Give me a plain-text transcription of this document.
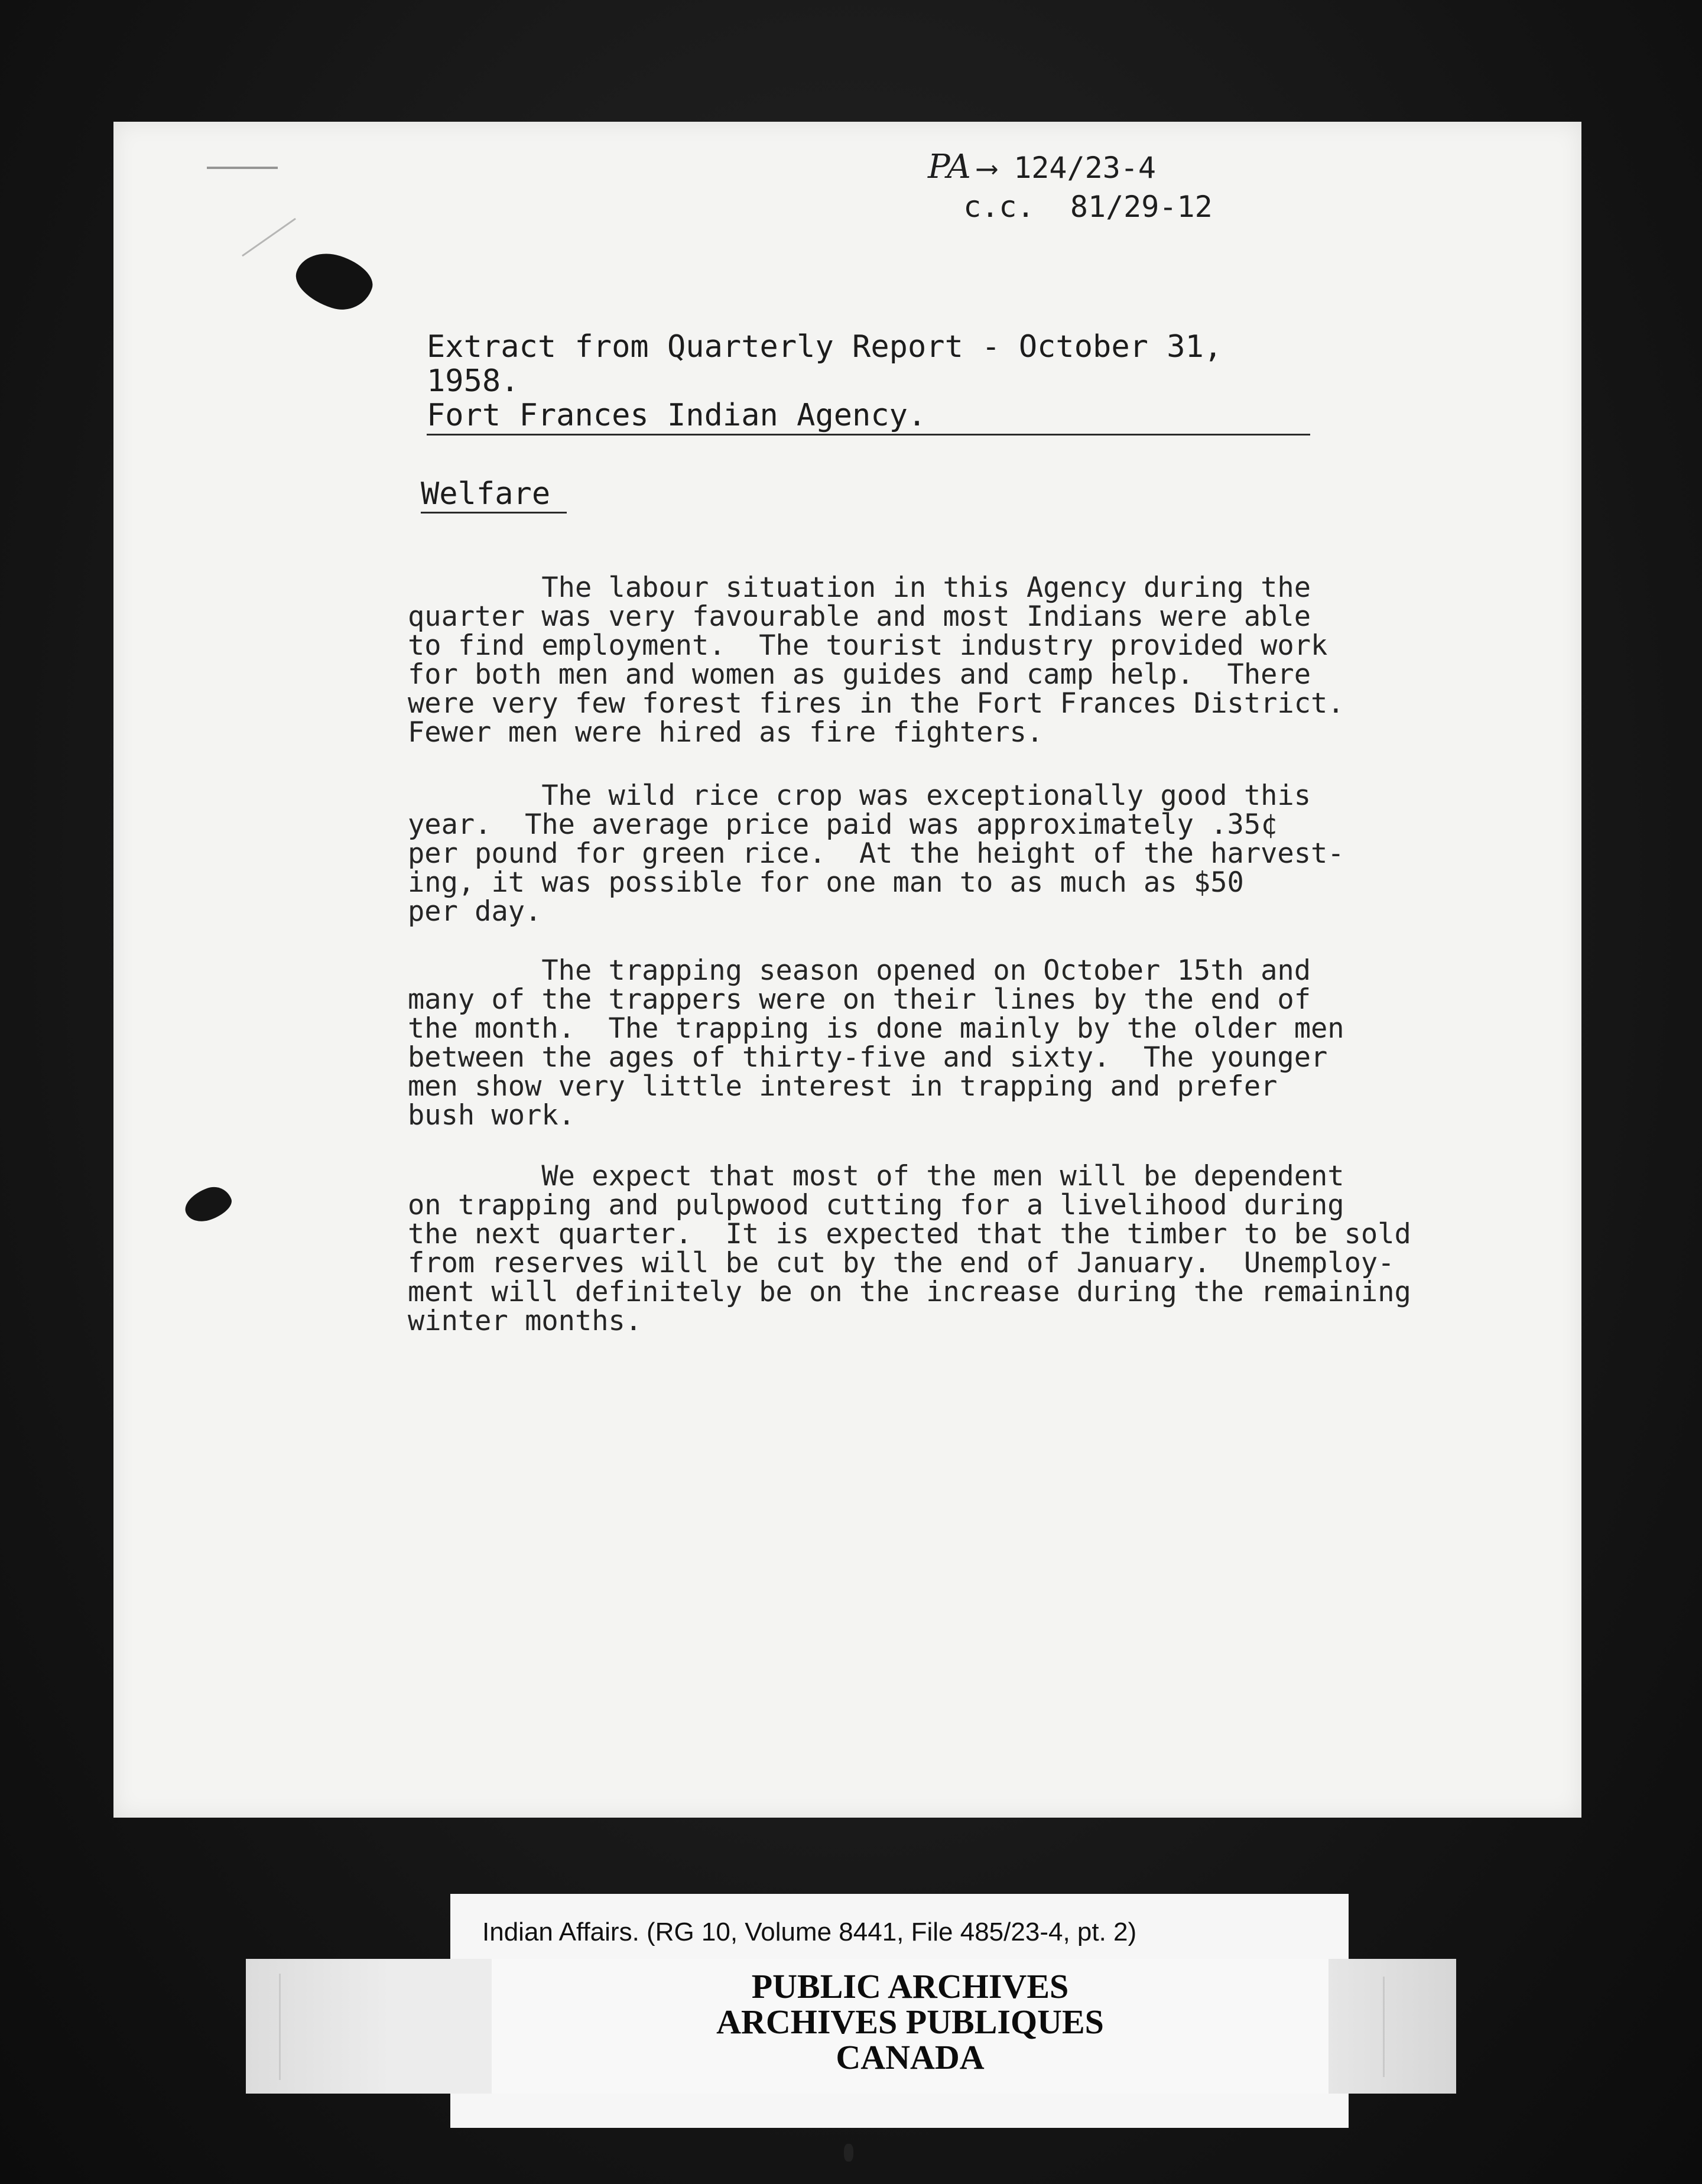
PA ⟶ 124/23-4
c.c. 81/29-12
Extract from Quarterly Report - October 31, 1958.
Fort Frances Indian Agency.
Welfare
The labour situation in this Agency during the
quarter was very favourable and most Indians were able
to find employment.  The tourist industry provided work
for both men and women as guides and camp help.  There
were very few forest fires in the Fort Frances District.
Fewer men were hired as fire fighters.
The wild rice crop was exceptionally good this
year.  The average price paid was approximately .35¢
per pound for green rice.  At the height of the harvest-
ing, it was possible for one man to as much as $50
per day.
The trapping season opened on October 15th and
many of the trappers were on their lines by the end of
the month.  The trapping is done mainly by the older men
between the ages of thirty-five and sixty.  The younger
men show very little interest in trapping and prefer
bush work.
We expect that most of the men will be dependent
on trapping and pulpwood cutting for a livelihood during
the next quarter.  It is expected that the timber to be sold
from reserves will be cut by the end of January.  Unemploy-
ment will definitely be on the increase during the remaining
winter months.
Indian Affairs. (RG 10, Volume 8441, File 485/23-4, pt. 2)
PUBLIC ARCHIVES
ARCHIVES PUBLIQUES
CANADA
